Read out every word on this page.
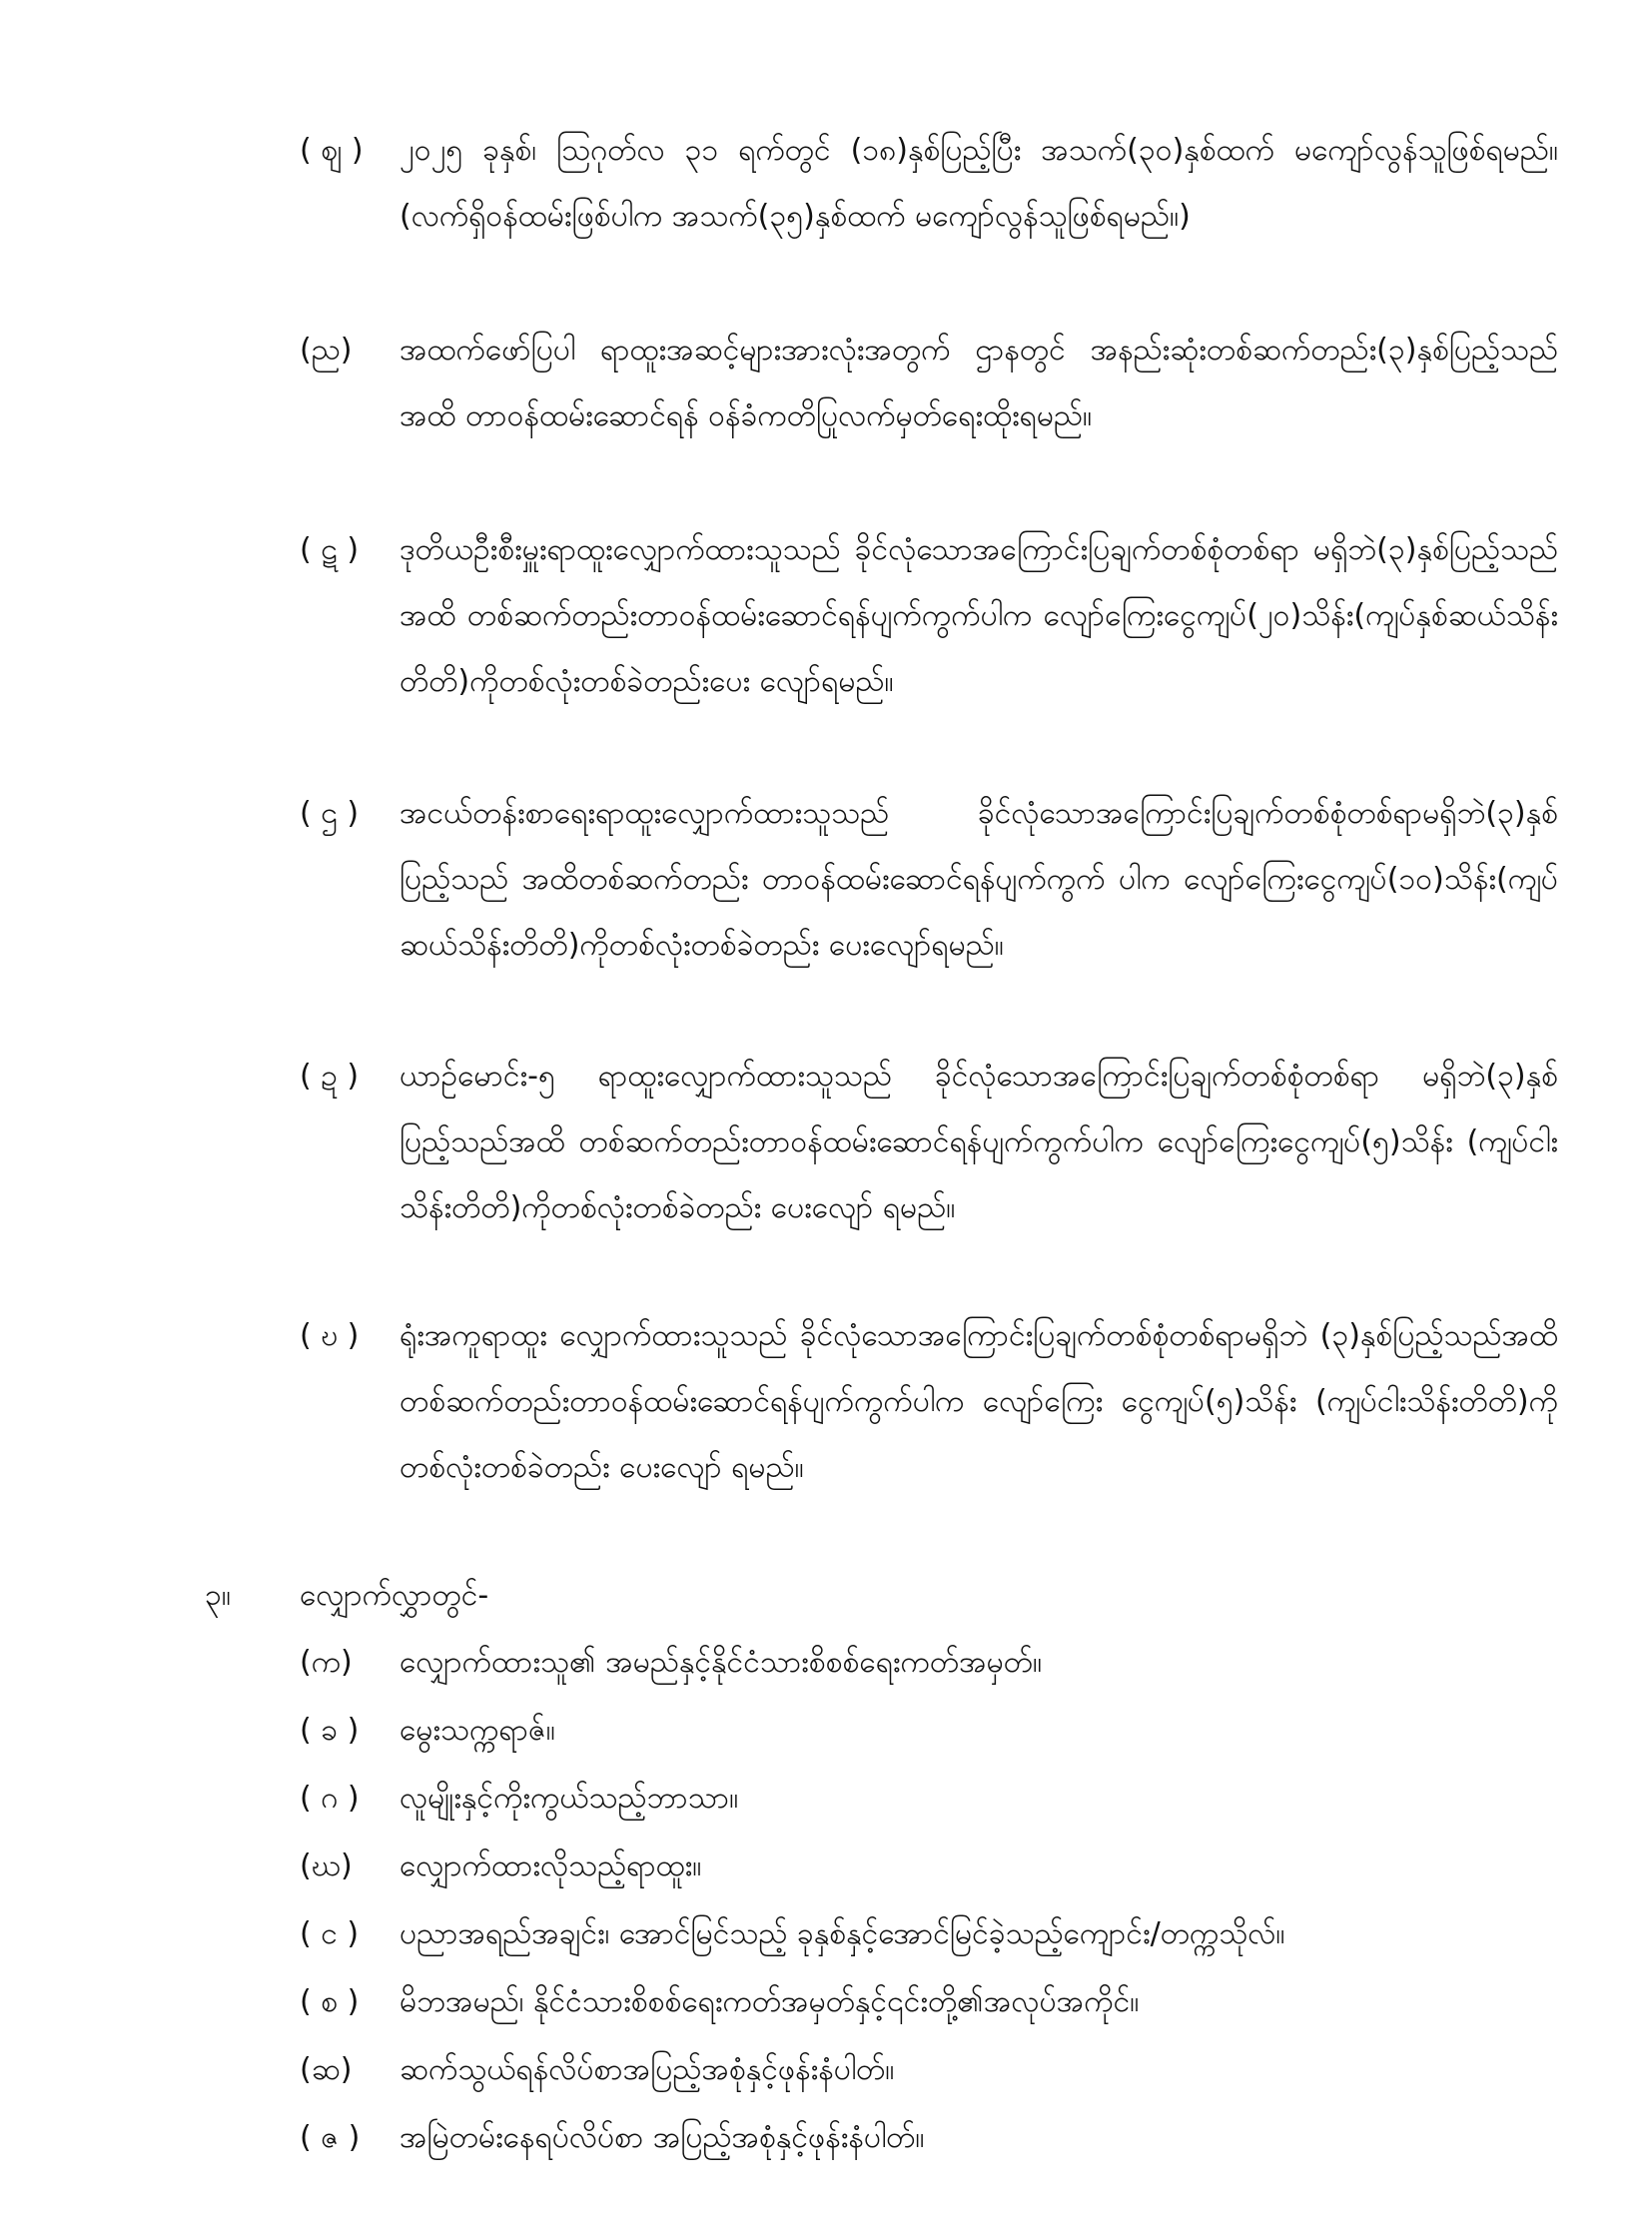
( ဈ )	၂၀၂၅ ခုနှစ်၊ ဩဂုတ်လ ၃၁ ရက်တွင် (၁၈)နှစ်ပြည့်ပြီး အသက်(၃၀)နှစ်ထက် မကျော်လွန်သူဖြစ်ရမည်။(လက်ရှိဝန်ထမ်းဖြစ်ပါက အသက်(၃၅)နှစ်ထက် မကျော်လွန်သူဖြစ်ရမည်။)
(ည)	အထက်ဖော်ပြပါ ရာထူးအဆင့်များအားလုံးအတွက် ဌာနတွင် အနည်းဆုံးတစ်ဆက်တည်း(၃)နှစ်ပြည့်သည်အထိ တာဝန်ထမ်းဆောင်ရန် ဝန်ခံကတိပြုလက်မှတ်ရေးထိုးရမည်။
( ဋ )	ဒုတိယဦးစီးမှူးရာထူးလျှောက်ထားသူသည် ခိုင်လုံသောအကြောင်းပြချက်တစ်စုံတစ်ရာ မရှိဘဲ(၃)နှစ်ပြည့်သည်အထိ တစ်ဆက်တည်းတာဝန်ထမ်းဆောင်ရန်ပျက်ကွက်ပါက လျော်ကြေးငွေကျပ်(၂၀)သိန်း(ကျပ်နှစ်ဆယ်သိန်းတိတိ)ကိုတစ်လုံးတစ်ခဲတည်းပေး လျော်ရမည်။
( ဌ )	အငယ်တန်းစာရေးရာထူးလျှောက်ထားသူသည် ခိုင်လုံသောအကြောင်းပြချက်တစ်စုံတစ်ရာမရှိဘဲ(၃)နှစ်ပြည့်သည် အထိတစ်ဆက်တည်း တာဝန်ထမ်းဆောင်ရန်ပျက်ကွက် ပါက လျော်ကြေးငွေကျပ်(၁၀)သိန်း(ကျပ်ဆယ်သိန်းတိတိ)ကိုတစ်လုံးတစ်ခဲတည်း ပေးလျော်ရမည်။
( ဍ )	ယာဉ်မောင်း-၅ ရာထူးလျှောက်ထားသူသည် ခိုင်လုံသောအကြောင်းပြချက်တစ်စုံတစ်ရာ မရှိဘဲ(၃)နှစ်ပြည့်သည်အထိ တစ်ဆက်တည်းတာဝန်ထမ်းဆောင်ရန်ပျက်ကွက်ပါက လျော်ကြေးငွေကျပ်(၅)သိန်း (ကျပ်ငါးသိန်းတိတိ)ကိုတစ်လုံးတစ်ခဲတည်း ပေးလျော် ရမည်။
( ဎ )	ရုံးအကူရာထူး လျှောက်ထားသူသည် ခိုင်လုံသောအကြောင်းပြချက်တစ်စုံတစ်ရာမရှိဘဲ (၃)နှစ်ပြည့်သည်အထိ တစ်ဆက်တည်းတာဝန်ထမ်းဆောင်ရန်ပျက်ကွက်ပါက လျော်ကြေး ငွေကျပ်(၅)သိန်း (ကျပ်ငါးသိန်းတိတိ)ကိုတစ်လုံးတစ်ခဲတည်း ပေးလျော် ရမည်။
၃။ လျှောက်လွှာတွင်-
(က)	လျှောက်ထားသူ၏ အမည်နှင့်နိုင်ငံသားစိစစ်ရေးကတ်အမှတ်။
( ခ )	မွေးသက္ကရာဇ်။
( ဂ )	လူမျိုးနှင့်ကိုးကွယ်သည့်ဘာသာ။
(ဃ)	လျှောက်ထားလိုသည့်ရာထူး။
( င )	ပညာအရည်အချင်း၊ အောင်မြင်သည့် ခုနှစ်နှင့်အောင်မြင်ခဲ့သည့်ကျောင်း/တက္ကသိုလ်။
( စ )	မိဘအမည်၊ နိုင်ငံသားစိစစ်ရေးကတ်အမှတ်နှင့်၎င်းတို့၏အလုပ်အကိုင်။
(ဆ)	ဆက်သွယ်ရန်လိပ်စာအပြည့်အစုံနှင့်ဖုန်းနံပါတ်။
( ဇ )	အမြဲတမ်းနေရပ်လိပ်စာ အပြည့်အစုံနှင့်ဖုန်းနံပါတ်။
